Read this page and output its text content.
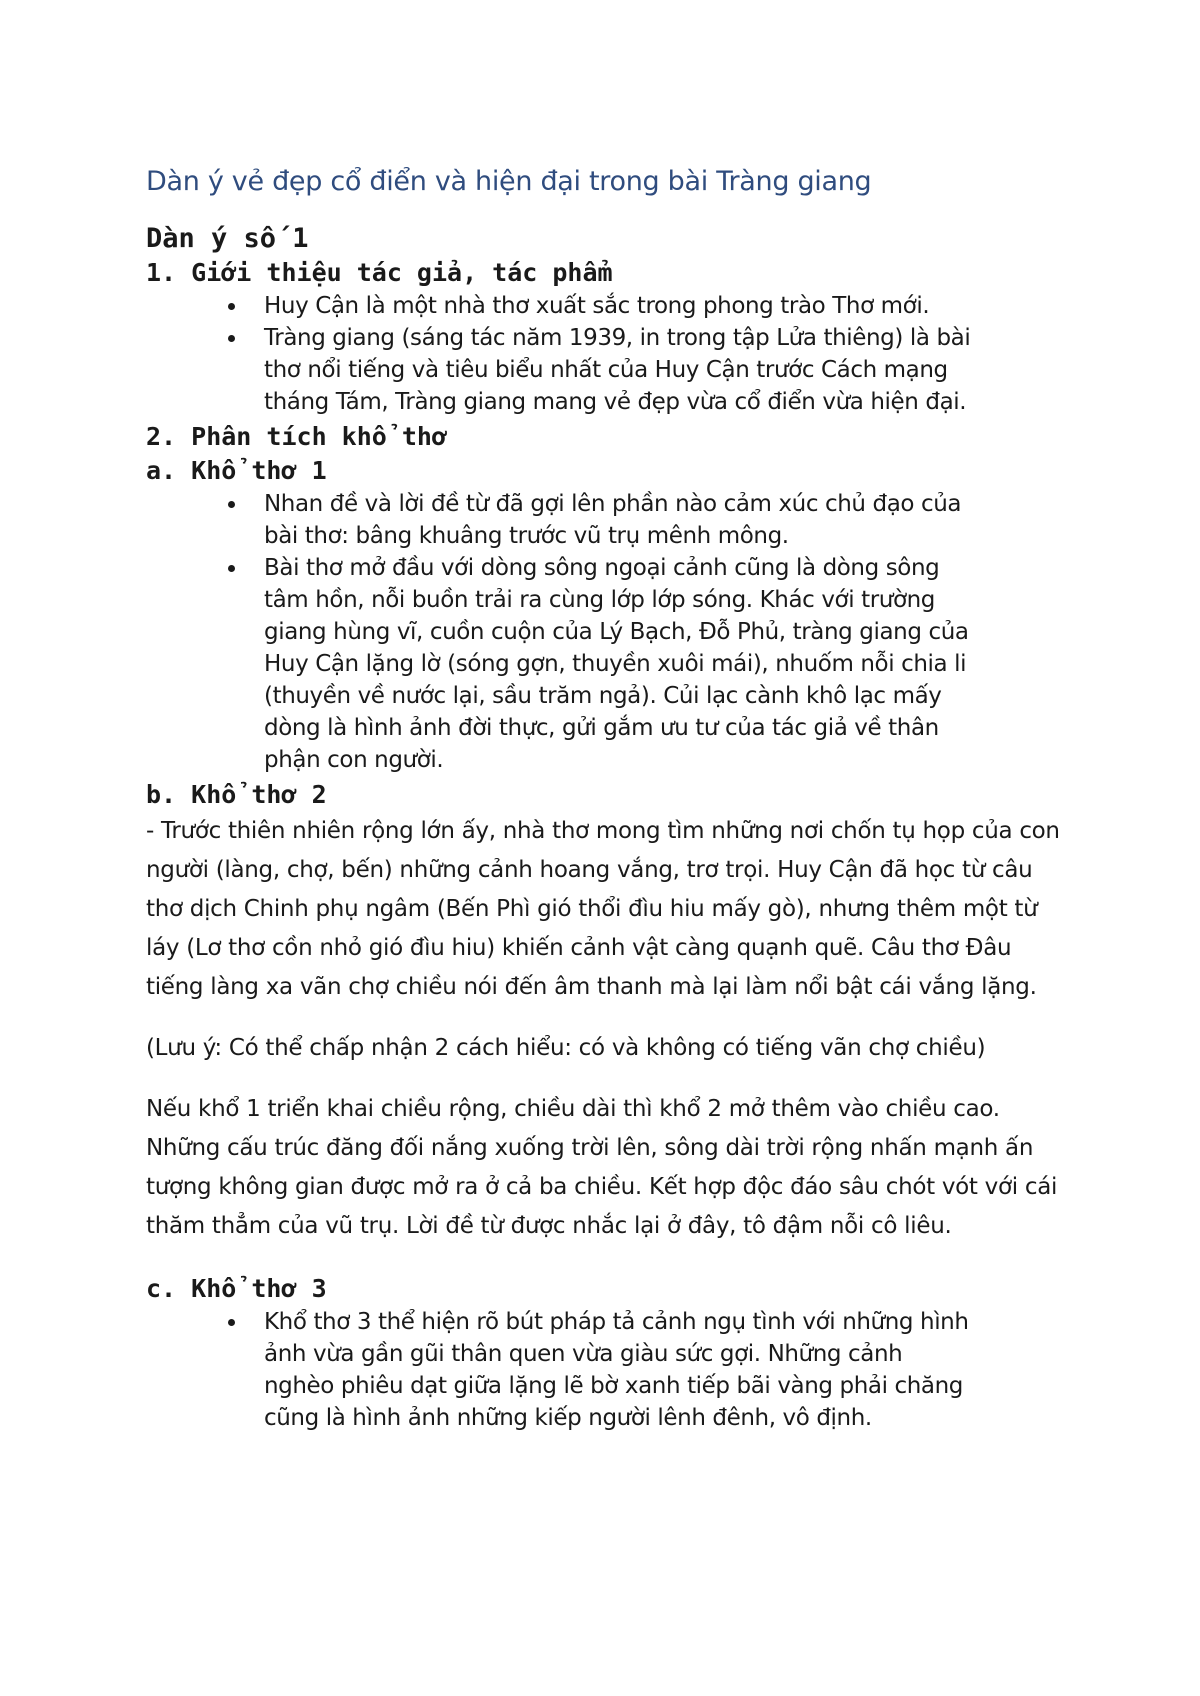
Dàn ý vẻ đẹp cổ điển và hiện đại trong bài Tràng giang
Dàn ý số 1
1. Giới thiệu tác giả, tác phẩm
Huy Cận là một nhà thơ xuất sắc trong phong trào Thơ mới.
Tràng giang (sáng tác năm 1939, in trong tập Lửa thiêng) là bài thơ nổi tiếng và tiêu biểu nhất của Huy Cận trước Cách mạng tháng Tám, Tràng giang mang vẻ đẹp vừa cổ điển vừa hiện đại.
2. Phân tích khổ thơ
a. Khổ thơ 1
Nhan đề và lời đề từ đã gợi lên phần nào cảm xúc chủ đạo của bài thơ: bâng khuâng trước vũ trụ mênh mông.
Bài thơ mở đầu với dòng sông ngoại cảnh cũng là dòng sông tâm hồn, nỗi buồn trải ra cùng lớp lớp sóng. Khác với trường giang hùng vĩ, cuồn cuộn của Lý Bạch, Đỗ Phủ, tràng giang của Huy Cận lặng lờ (sóng gợn, thuyền xuôi mái), nhuốm nỗi chia li (thuyền về nước lại, sầu trăm ngả). Củi lạc cành khô lạc mấy dòng là hình ảnh đời thực, gửi gắm ưu tư của tác giả về thân phận con người.
b. Khổ thơ 2

- Trước thiên nhiên rộng lớn ấy, nhà thơ mong tìm những nơi chốn tụ họp của con người (làng, chợ, bến) những cảnh hoang vắng, trơ trọi. Huy Cận đã học từ câu thơ dịch Chinh phụ ngâm (Bến Phì gió thổi đìu hiu mấy gò), nhưng thêm một từ láy (Lơ thơ cồn nhỏ gió đìu hiu) khiến cảnh vật càng quạnh quẽ. Câu thơ Đâu tiếng làng xa vãn chợ chiều nói đến âm thanh mà lại làm nổi bật cái vắng lặng.

(Lưu ý: Có thể chấp nhận 2 cách hiểu: có và không có tiếng vãn chợ chiều)

Nếu khổ 1 triển khai chiều rộng, chiều dài thì khổ 2 mở thêm vào chiều cao. Những cấu trúc đăng đối nắng xuống trời lên, sông dài trời rộng nhấn mạnh ấn tượng không gian được mở ra ở cả ba chiều. Kết hợp độc đáo sâu chót vót với cái thăm thẳm của vũ trụ. Lời đề từ được nhắc lại ở đây, tô đậm nỗi cô liêu.

c. Khổ thơ 3
Khổ thơ 3 thể hiện rõ bút pháp tả cảnh ngụ tình với những hình ảnh vừa gần gũi thân quen vừa giàu sức gợi. Những cảnh nghèo phiêu dạt giữa lặng lẽ bờ xanh tiếp bãi vàng phải chăng cũng là hình ảnh những kiếp người lênh đênh, vô định.
